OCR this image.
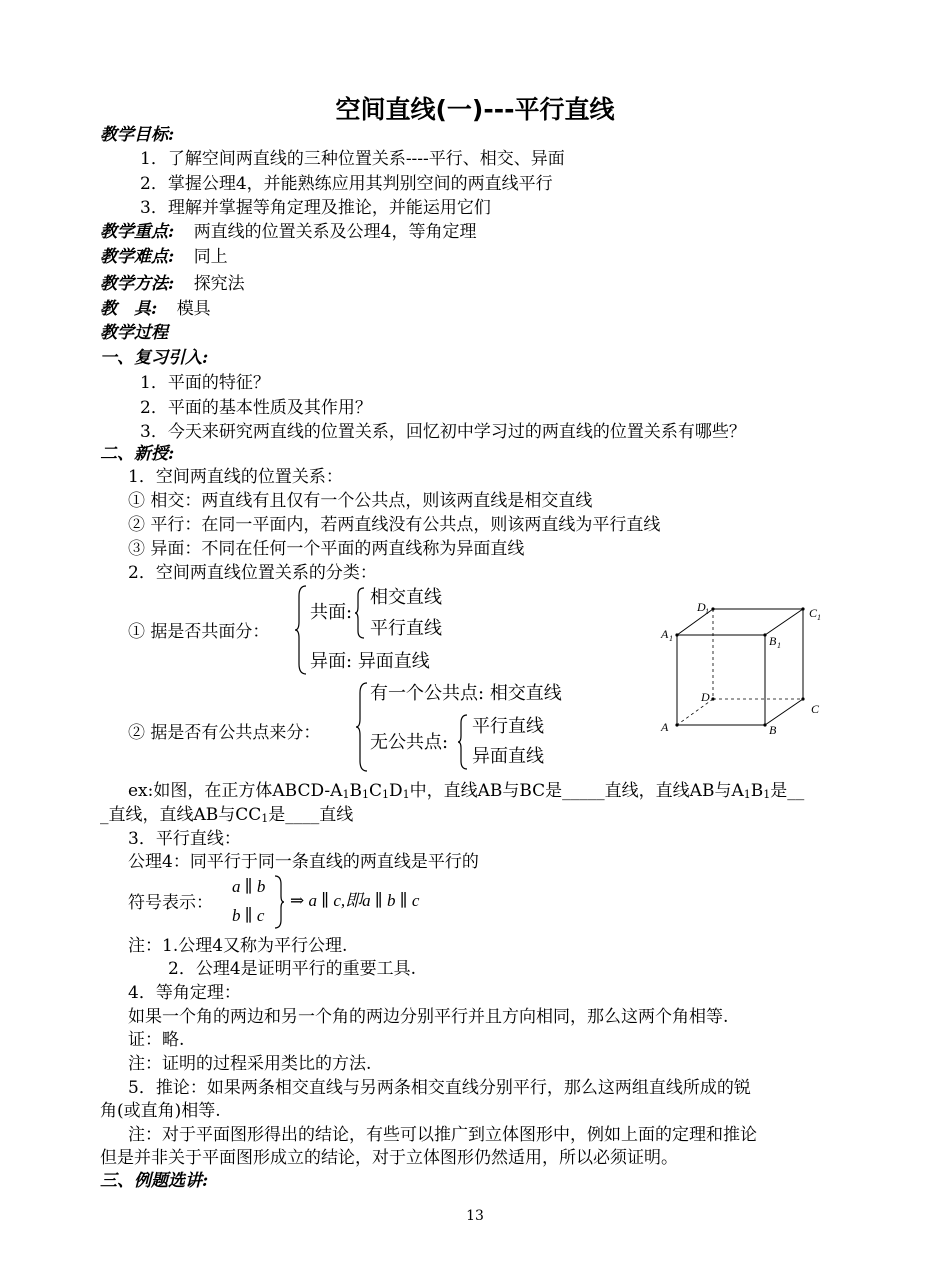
空间直线(一)---平行直线
教学目标:
1．了解空间两直线的三种位置关系----平行、相交、异面
2．掌握公理4，并能熟练应用其判别空间的两直线平行
3．理解并掌握等角定理及推论，并能运用它们
教学重点: 两直线的位置关系及公理4，等角定理
教学难点: 同上
教学方法: 探究法
教　具: 模具
教学过程
一、复习引入:
1．平面的特征？
2．平面的基本性质及其作用？
3．今天来研究两直线的位置关系，回忆初中学习过的两直线的位置关系有哪些？
二、新授:
1．空间两直线的位置关系：
① 相交：两直线有且仅有一个公共点，则该两直线是相交直线
② 平行：在同一平面内，若两直线没有公共点，则该两直线为平行直线
③ 异面：不同在任何一个平面的两直线称为异面直线
2．空间两直线位置关系的分类：
① 据是否共面分：
共面:
相交直线
平行直线
异面: 异面直线
② 据是否有公共点来分：
有一个公共点: 相交直线
无公共点:
平行直线
异面直线
A	B
C
D
A 1	B 1
C 1
D 1
ex:如图，在正方体ABCD-$A_1B_1C_1D_1$中，直线AB与BC是_____直线，直线AB与$A_1B_1$是__
_直线，直线AB与$CC_1$是____直线
3．平行直线：
公理4：同平行于同一条直线的两直线是平行的
符号表示：
a ∥ b
b ∥ c
⇒ a ∥ c,即a ∥ b ∥ c
注：1.公理4又称为平行公理.
2．公理4是证明平行的重要工具.
4．等角定理：
如果一个角的两边和另一个角的两边分别平行并且方向相同，那么这两个角相等.
证：略.
注：证明的过程采用类比的方法.
5．推论：如果两条相交直线与另两条相交直线分别平行，那么这两组直线所成的锐
角(或直角)相等.
注：对于平面图形得出的结论，有些可以推广到立体图形中，例如上面的定理和推论
但是并非关于平面图形成立的结论，对于立体图形仍然适用，所以必须证明。
三、例题选讲:
13
